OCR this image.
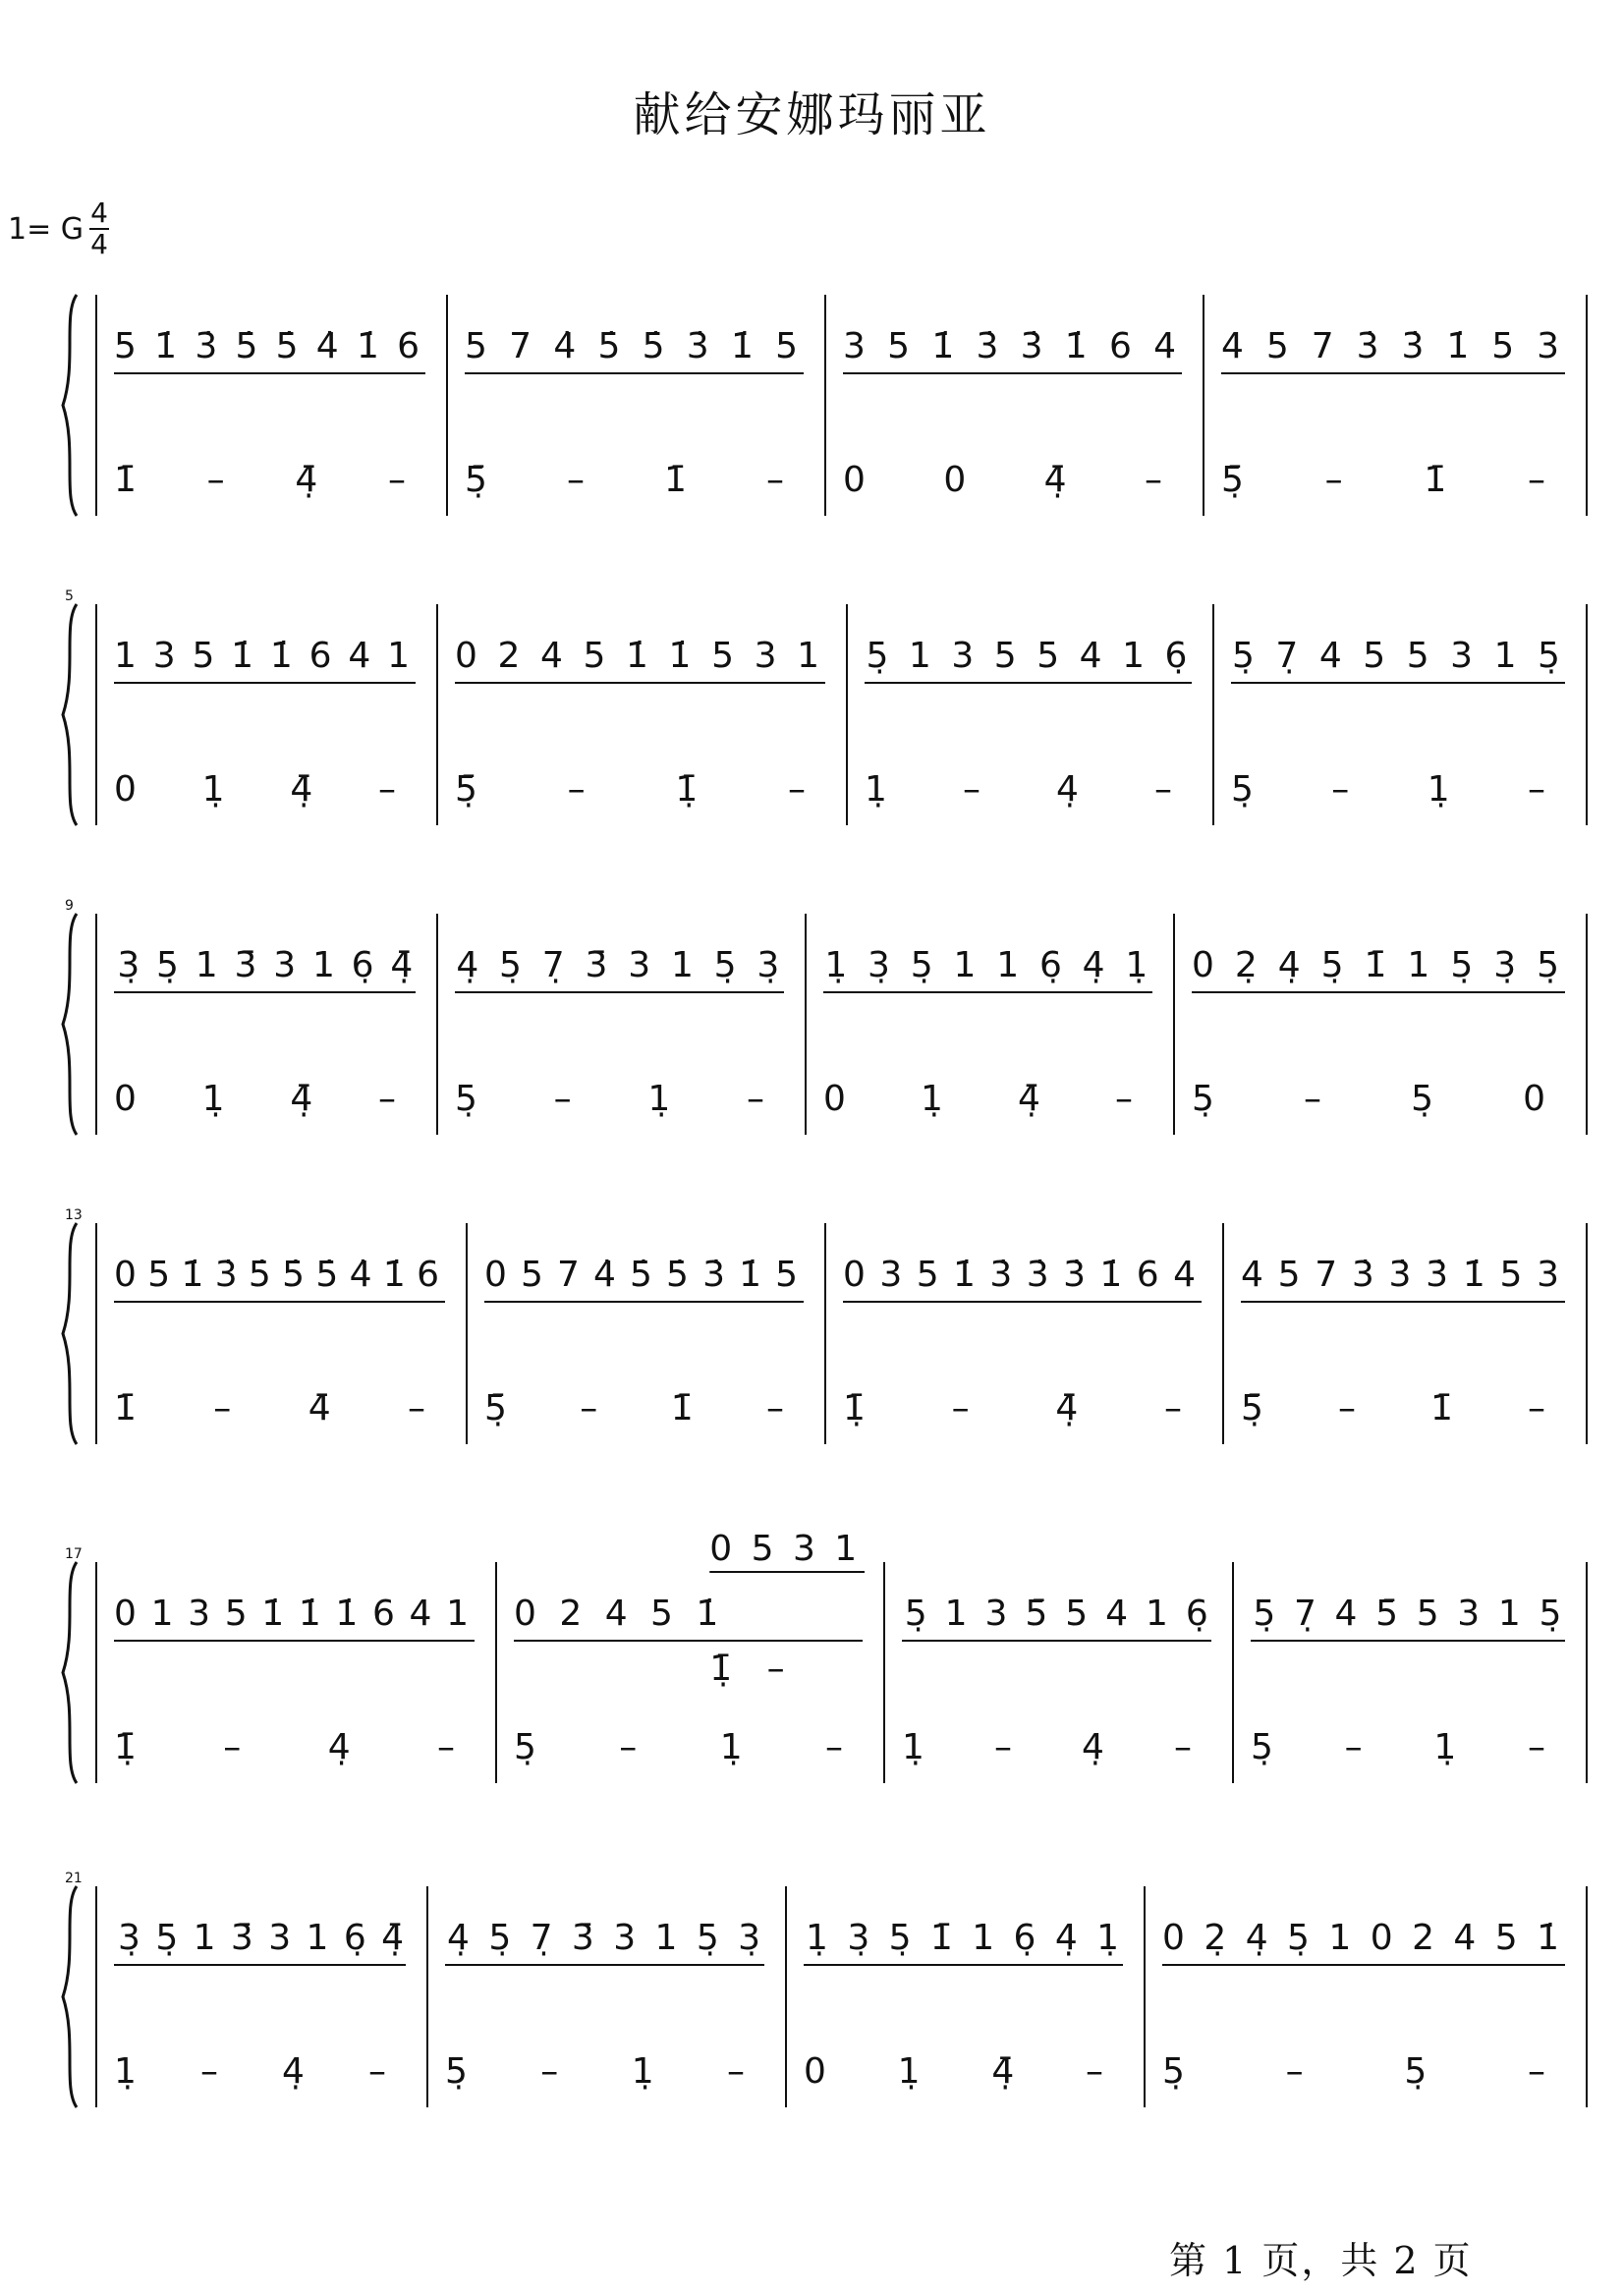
献给安娜玛丽亚
1= G 4
4
5 1̇ 3̇ 5̇ 5̇ 4̇ 1̇ 6
1̄ – 4̣̄ –
5 7 4̇ 5̇ 5̇ 3̇ 1̇ 5
5̣̄ – 1̄ –
3 5 1̇ 3̇ 3̇ 1̇ 6 4
0 0 4̣̄ –
4 5 7 3̇ 3̇ 1̇ 5 3
5̣̄ – 1̄ –
5
1 3 5 1̇ 1̇ 6 4 1
0 1̣ 4̣̄ –
0 2 4 5 1̇ 1̇ 5 3 1
5̣̄ – 1̣̄ –
5̣ 1 3 5 5 4 1 6̣
1̣ – 4̣ –
5̣ 7̣ 4 5 5 3 1 5̣
5̣ – 1̣ –
9
3̣ 5̣ 1 3̄ 3 1 6̣ 4̣̄
0 1̣ 4̣̄ –
4̣ 5̣ 7̣ 3̄ 3 1 5̣ 3̣
5̣ – 1̣ –
1̣ 3̣ 5̣ 1 1 6̣ 4̣ 1̣
0 1̣ 4̣̄ –
0 2̣ 4̣ 5̣ 1̄ 1 5̣ 3̣ 5̣
5̣ – 5̣ 0
13
0 5 1̇ 3̇ 5̇ 5̇ 5̇ 4̇ 1̇ 6
1̄ – 4̄ –
0 5 7 4̇ 5̇ 5̇ 3̇ 1̇ 5
5̣̄ – 1̄ –
0 3 5 1̇ 3̇ 3̇ 3̇ 1̇ 6 4
1̣̄ – 4̣̄ –
4 5 7 3̇ 3̇ 3̇ 1̇ 5 3
5̣̄ – 1̄ –
17
0 1 3 5 1̇ 1̇ 1̇ 6 4 1
1̣̄ – 4̣ –
0 5 3 1
0 2 4 5 1̇
1̣̄ –
5̣ – 1̣ –
5̣ 1 3 5̄ 5 4 1 6̣
1̣ – 4̣ –
5̣ 7̣ 4 5̄ 5 3 1 5̣
5̣ – 1̣ –
21
3̣ 5̣ 1 3̄ 3 1 6̣ 4̣̄
1̣ – 4̣ –
4̣ 5̣ 7̣ 3̄ 3 1 5̣ 3̣
5̣ – 1̣ –
1̣ 3̣ 5̣ 1̄ 1 6̣ 4̣ 1̣
0 1̣ 4̣̄ –
0 2̣ 4̣ 5̣ 1 0 2 4 5 1̇
5̣ – 5̣ –
第 1 页，共 2 页
